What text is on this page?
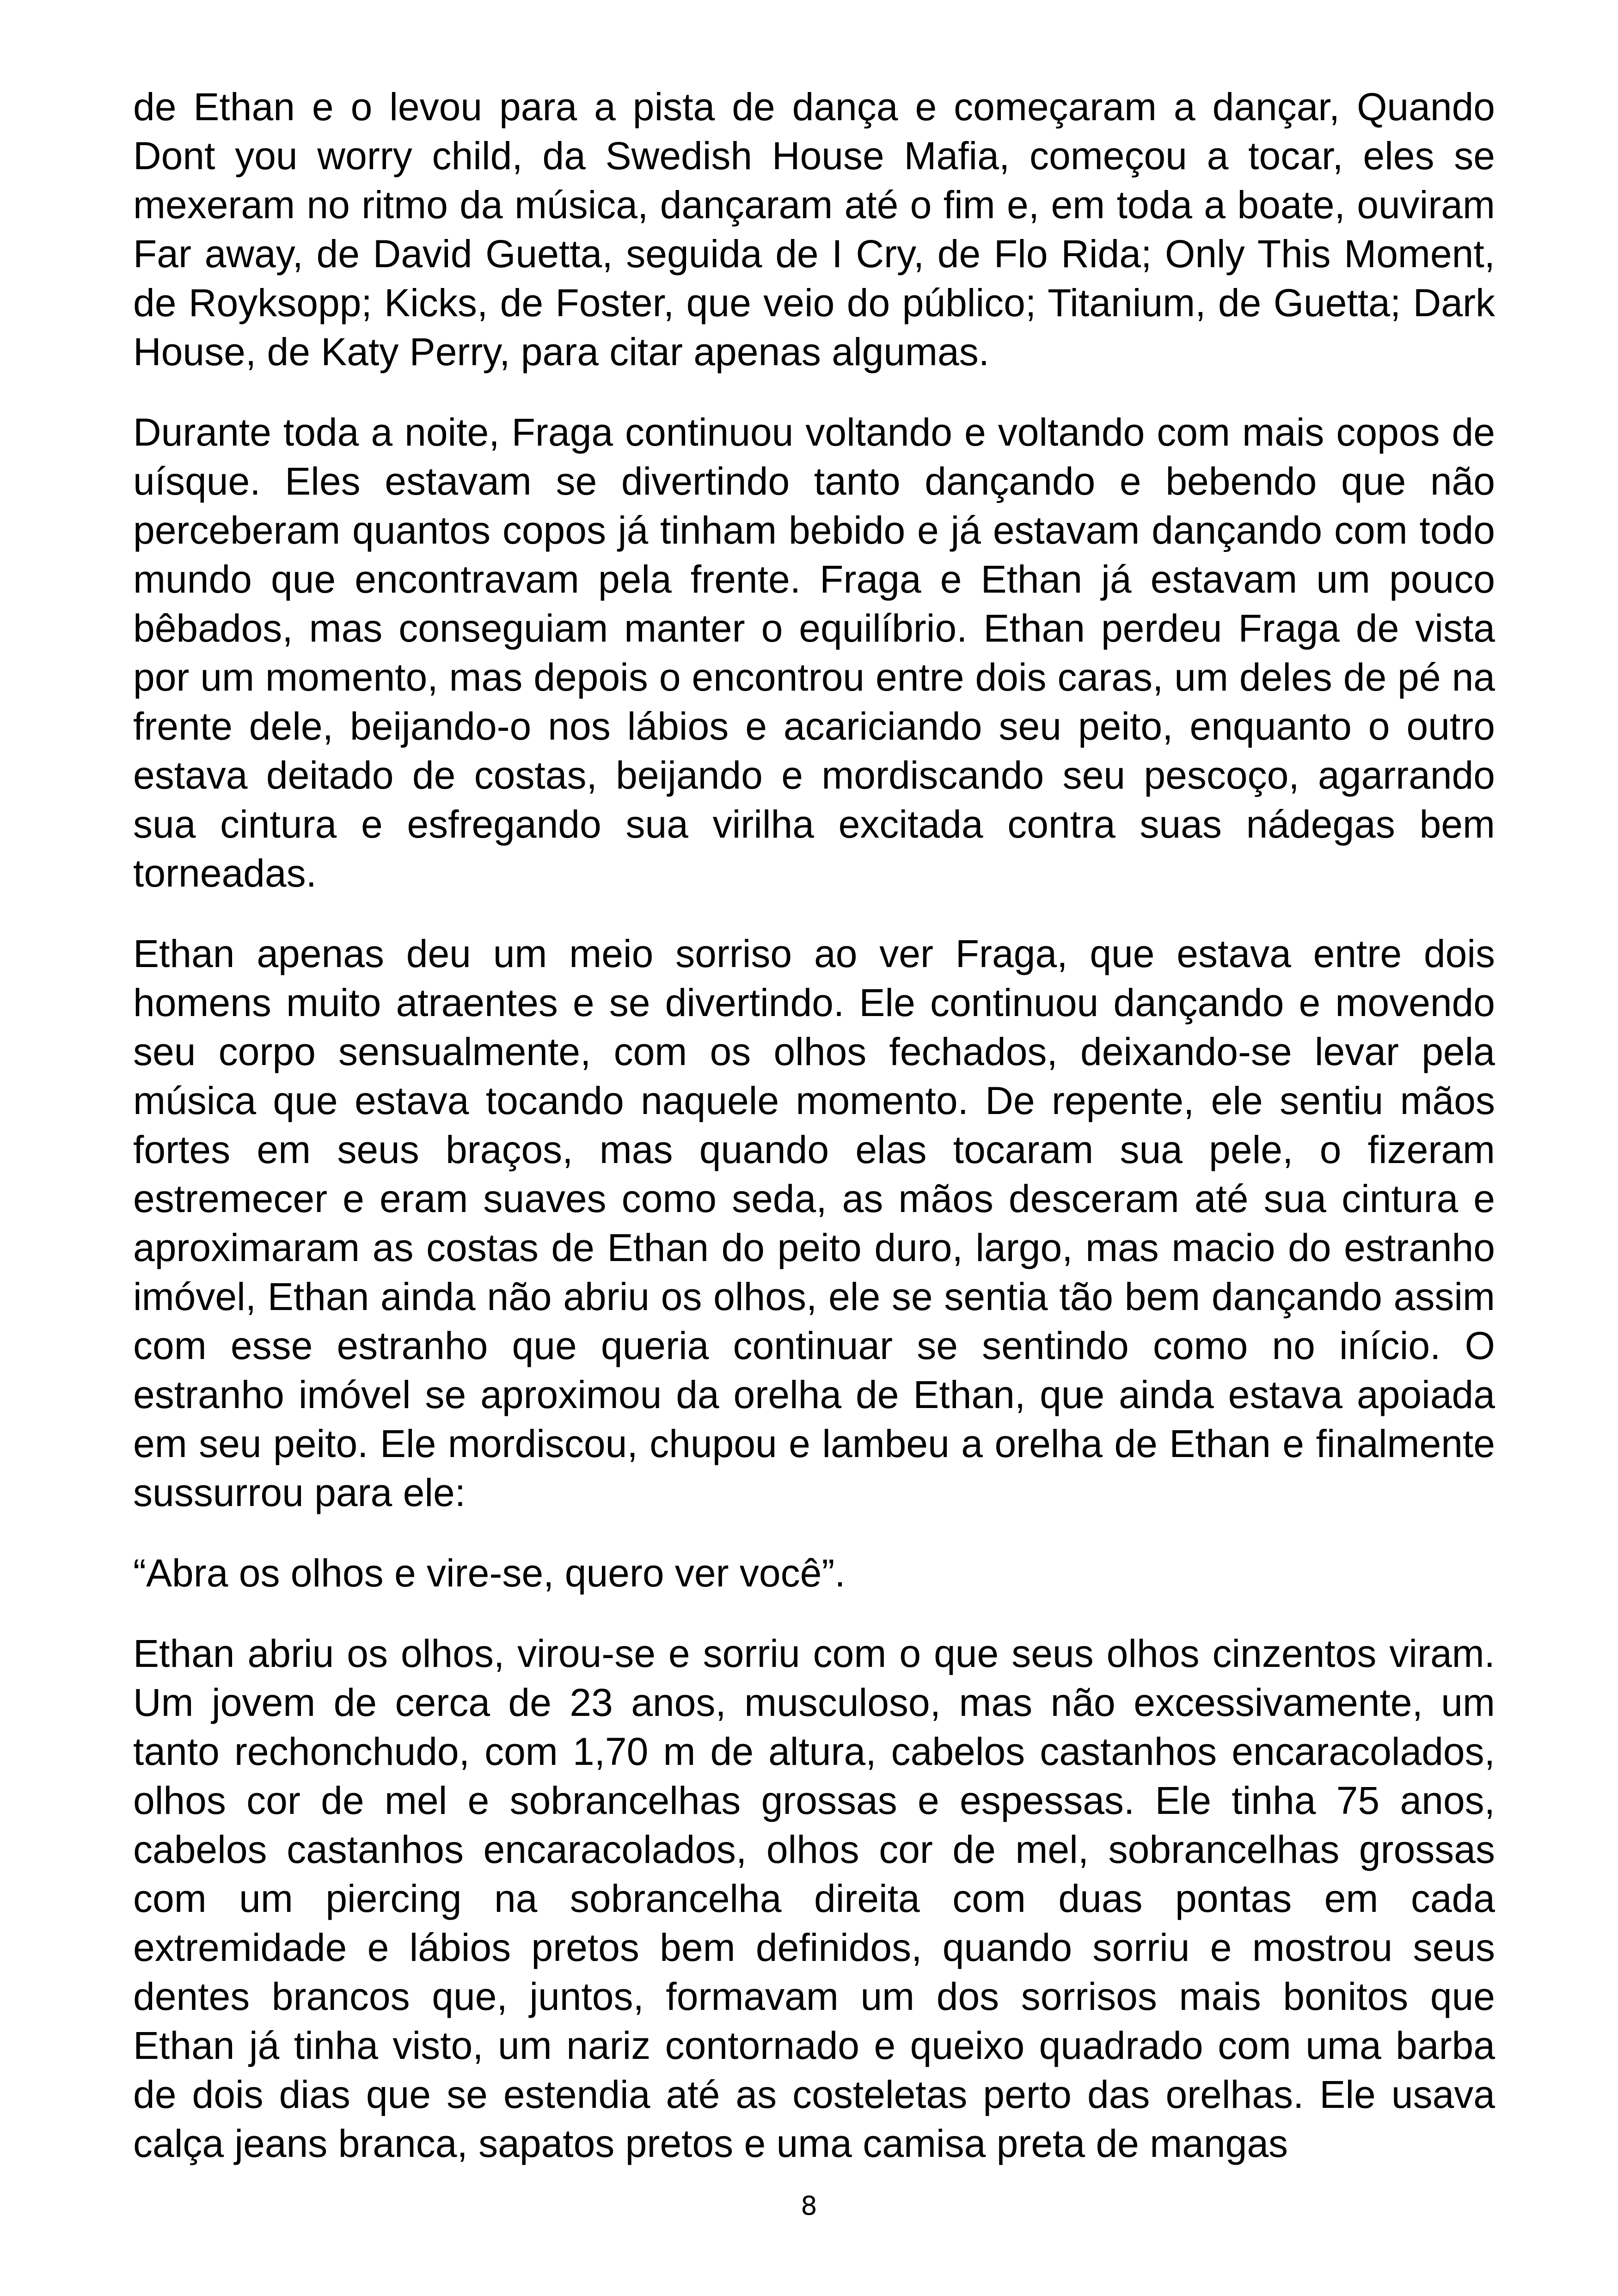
de Ethan e o levou para a pista de dança e começaram a dançar, Quando Dont you worry child, da Swedish House Mafia, começou a tocar, eles se mexeram no ritmo da música, dançaram até o fim e, em toda a boate, ouviram Far away, de David Guetta, seguida de I Cry, de Flo Rida; Only This Moment, de Royksopp; Kicks, de Foster, que veio do público; Titanium, de Guetta; Dark House, de Katy Perry, para citar apenas algumas.

Durante toda a noite, Fraga continuou voltando e voltando com mais copos de uísque. Eles estavam se divertindo tanto dançando e bebendo que não perceberam quantos copos já tinham bebido e já estavam dançando com todo mundo que encontravam pela frente. Fraga e Ethan já estavam um pouco bêbados, mas conseguiam manter o equilíbrio. Ethan perdeu Fraga de vista por um momento, mas depois o encontrou entre dois caras, um deles de pé na frente dele, beijando-o nos lábios e acariciando seu peito, enquanto o outro estava deitado de costas, beijando e mordiscando seu pescoço, agarrando sua cintura e esfregando sua virilha excitada contra suas nádegas bem torneadas.

Ethan apenas deu um meio sorriso ao ver Fraga, que estava entre dois homens muito atraentes e se divertindo. Ele continuou dançando e movendo seu corpo sensualmente, com os olhos fechados, deixando-se levar pela música que estava tocando naquele momento. De repente, ele sentiu mãos fortes em seus braços, mas quando elas tocaram sua pele, o fizeram estremecer e eram suaves como seda, as mãos desceram até sua cintura e aproximaram as costas de Ethan do peito duro, largo, mas macio do estranho imóvel, Ethan ainda não abriu os olhos, ele se sentia tão bem dançando assim com esse estranho que queria continuar se sentindo como no início. O estranho imóvel se aproximou da orelha de Ethan, que ainda estava apoiada em seu peito. Ele mordiscou, chupou e lambeu a orelha de Ethan e finalmente sussurrou para ele:

“Abra os olhos e vire-se, quero ver você”.

Ethan abriu os olhos, virou-se e sorriu com o que seus olhos cinzentos viram. Um jovem de cerca de 23 anos, musculoso, mas não excessivamente, um tanto rechonchudo, com 1,70 m de altura, cabelos castanhos encaracolados, olhos cor de mel e sobrancelhas grossas e espessas. Ele tinha 75 anos, cabelos castanhos encaracolados, olhos cor de mel, sobrancelhas grossas com um piercing na sobrancelha direita com duas pontas em cada extremidade e lábios pretos bem definidos, quando sorriu e mostrou seus dentes brancos que, juntos, formavam um dos sorrisos mais bonitos que Ethan já tinha visto, um nariz contornado e queixo quadrado com uma barba de dois dias que se estendia até as costeletas perto das orelhas. Ele usava calça jeans branca, sapatos pretos e uma camisa preta de mangas

8
